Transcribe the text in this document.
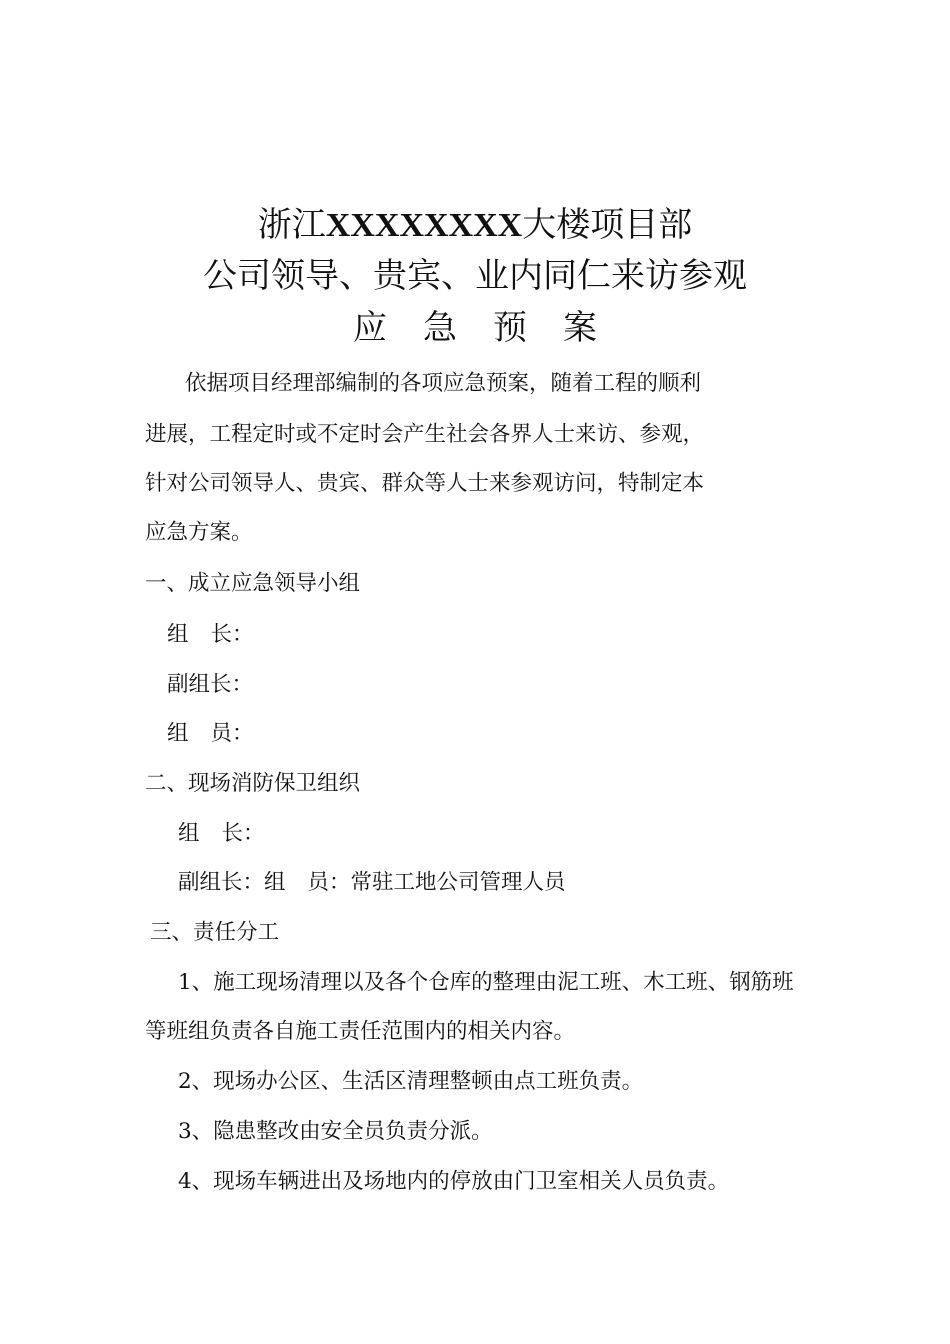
浙江XXXXXXXX大楼项目部
公司领导、贵宾、业内同仁来访参观
应 急 预 案
依据项目经理部编制的各项应急预案，随着工程的顺利
进展，工程定时或不定时会产生社会各界人士来访、参观，
针对公司领导人、贵宾、群众等人士来参观访问，特制定本
应急方案。
一、成立应急领导小组
组 长：
副组长：
组 员：
二、现场消防保卫组织
组 长：
副组长：组 员：常驻工地公司管理人员
三、责任分工
1、施工现场清理以及各个仓库的整理由泥工班、木工班、钢筋班
等班组负责各自施工责任范围内的相关内容。
2、现场办公区、生活区清理整顿由点工班负责。
3、隐患整改由安全员负责分派。
4、现场车辆进出及场地内的停放由门卫室相关人员负责。
